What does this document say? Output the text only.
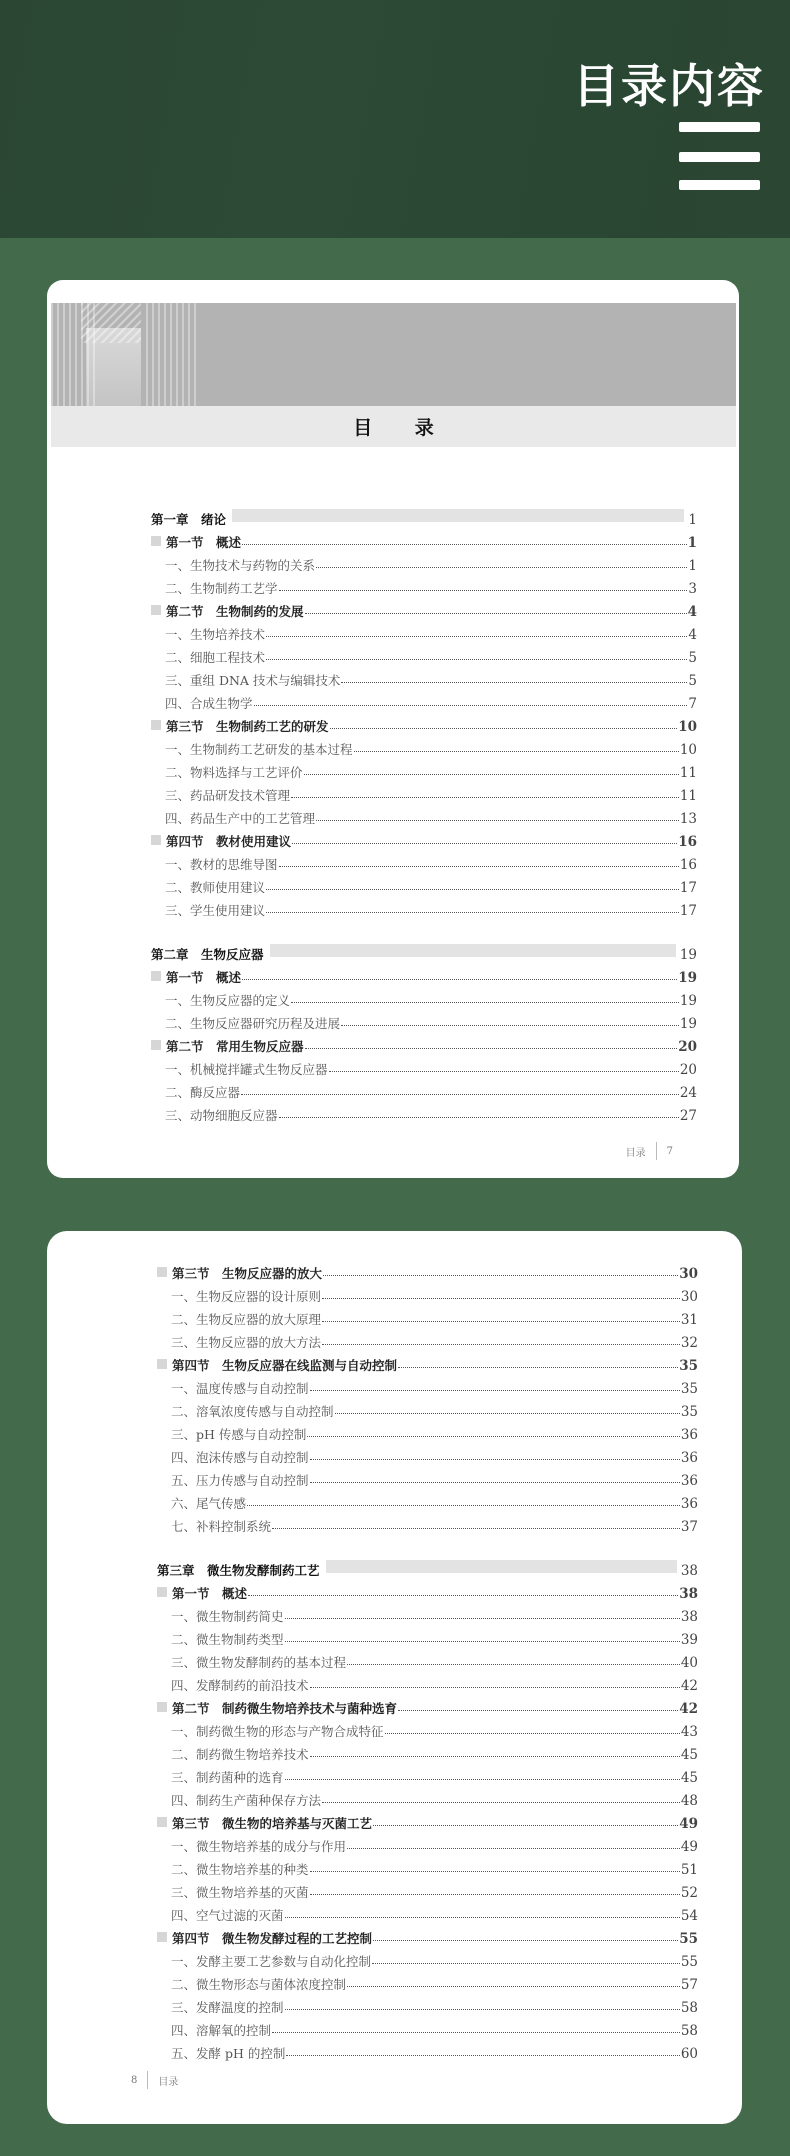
目录内容
目 录
第一章　绪论	1
第一节　概述	1
一、生物技术与药物的关系	1
二、生物制药工艺学	3
第二节　生物制药的发展	4
一、生物培养技术	4
二、细胞工程技术	5
三、重组 DNA 技术与编辑技术	5
四、合成生物学	7
第三节　生物制药工艺的研发	10
一、生物制药工艺研发的基本过程	10
二、物料选择与工艺评价	11
三、药品研发技术管理	11
四、药品生产中的工艺管理	13
第四节　教材使用建议	16
一、教材的思维导图	16
二、教师使用建议	17
三、学生使用建议	17
第二章　生物反应器	19
第一节　概述	19
一、生物反应器的定义	19
二、生物反应器研究历程及进展	19
第二节　常用生物反应器	20
一、机械搅拌罐式生物反应器	20
二、酶反应器	24
三、动物细胞反应器	27
目录 7
第三节　生物反应器的放大	30
一、生物反应器的设计原则	30
二、生物反应器的放大原理	31
三、生物反应器的放大方法	32
第四节　生物反应器在线监测与自动控制	35
一、温度传感与自动控制	35
二、溶氧浓度传感与自动控制	35
三、pH 传感与自动控制	36
四、泡沫传感与自动控制	36
五、压力传感与自动控制	36
六、尾气传感	36
七、补料控制系统	37
第三章　微生物发酵制药工艺	38
第一节　概述	38
一、微生物制药简史	38
二、微生物制药类型	39
三、微生物发酵制药的基本过程	40
四、发酵制药的前沿技术	42
第二节　制药微生物培养技术与菌种选育	42
一、制药微生物的形态与产物合成特征	43
二、制药微生物培养技术	45
三、制药菌种的选育	45
四、制药生产菌种保存方法	48
第三节　微生物的培养基与灭菌工艺	49
一、微生物培养基的成分与作用	49
二、微生物培养基的种类	51
三、微生物培养基的灭菌	52
四、空气过滤的灭菌	54
第四节　微生物发酵过程的工艺控制	55
一、发酵主要工艺参数与自动化控制	55
二、微生物形态与菌体浓度控制	57
三、发酵温度的控制	58
四、溶解氧的控制	58
五、发酵 pH 的控制	60
8 目录
